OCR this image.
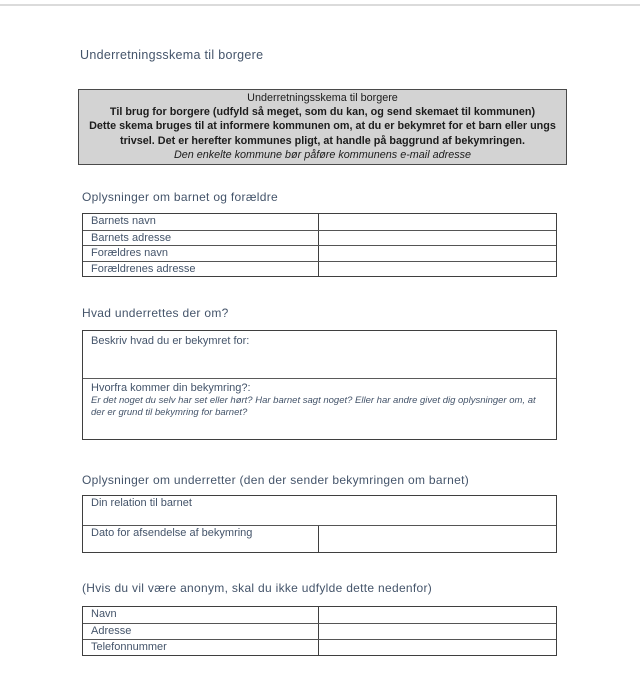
Underretningsskema til borgere
Underretningsskema til borgere
Til brug for borgere (udfyld så meget, som du kan, og send skemaet til kommunen)
Dette skema bruges til at informere kommunen om, at du er bekymret for et barn eller ungs trivsel. Det er herefter kommunes pligt, at handle på baggrund af bekymringen.
Den enkelte kommune bør påføre kommunens e-mail adresse
Oplysninger om barnet og forældre
Barnets navn
Barnets adresse
Forældres navn
Forældrenes adresse
Hvad underrettes der om?
Beskriv hvad du er bekymret for:
Hvorfra kommer din bekymring?:
Er det noget du selv har set eller hørt? Har barnet sagt noget? Eller har andre givet dig oplysninger om, at der er grund til bekymring for barnet?
Oplysninger om underretter (den der sender bekymringen om barnet)
Din relation til barnet
Dato for afsendelse af bekymring
(Hvis du vil være anonym, skal du ikke udfylde dette nedenfor)
Navn
Adresse
Telefonnummer
